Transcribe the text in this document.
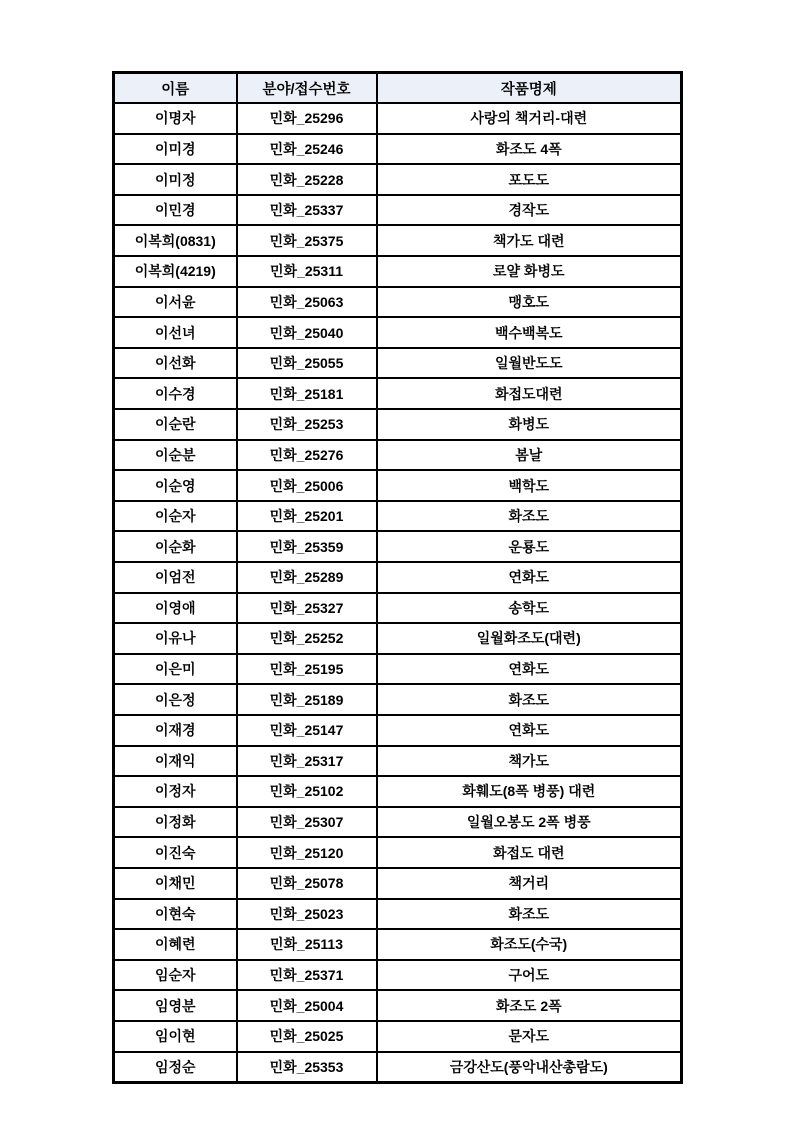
이름	분야/접수번호	작품명제
이명자	민화_25296	사랑의 책거리-대련
이미경	민화_25246	화조도 4폭
이미정	민화_25228	포도도
이민경	민화_25337	경작도
이복희(0831)	민화_25375	책가도 대련
이복희(4219)	민화_25311	로얄 화병도
이서윤	민화_25063	맹호도
이선녀	민화_25040	백수백복도
이선화	민화_25055	일월반도도
이수경	민화_25181	화접도대련
이순란	민화_25253	화병도
이순분	민화_25276	봄날
이순영	민화_25006	백학도
이순자	민화_25201	화조도
이순화	민화_25359	운룡도
이엄전	민화_25289	연화도
이영애	민화_25327	송학도
이유나	민화_25252	일월화조도(대련)
이은미	민화_25195	연화도
이은정	민화_25189	화조도
이재경	민화_25147	연화도
이재익	민화_25317	책가도
이정자	민화_25102	화훼도(8폭 병풍) 대련
이정화	민화_25307	일월오봉도 2폭 병풍
이진숙	민화_25120	화접도 대련
이채민	민화_25078	책거리
이현숙	민화_25023	화조도
이혜련	민화_25113	화조도(수국)
임순자	민화_25371	구어도
임영분	민화_25004	화조도 2폭
임이현	민화_25025	문자도
임정순	민화_25353	금강산도(풍악내산총람도)
